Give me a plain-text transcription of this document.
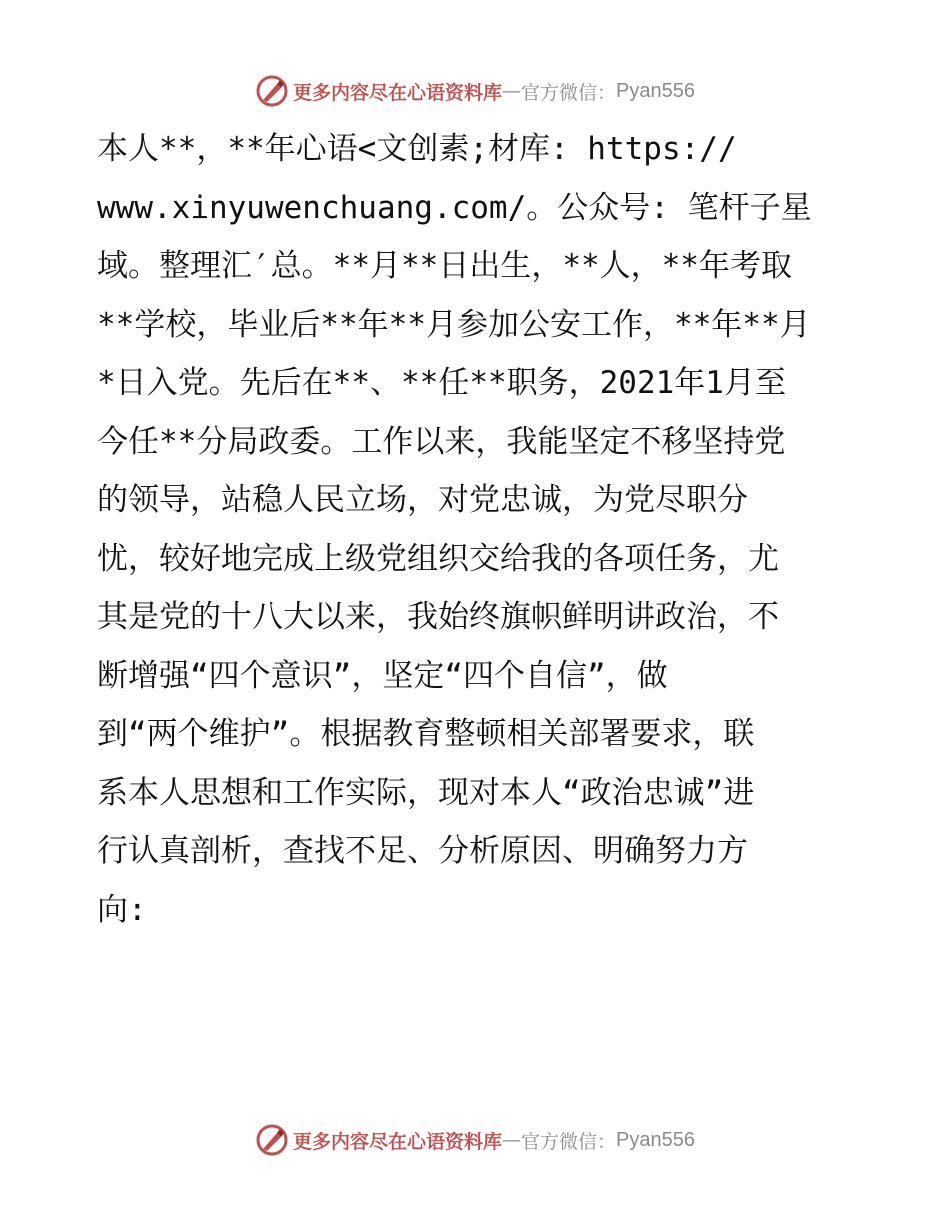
更多内容尽在心语资料库 — 官方微信： Pyan556
本人**，**年心语<文创素;材库: https://
www.xinyuwenchuang.com/。公众号: 笔杆子星
域。整理汇′总。**月**日出生，**人，**年考取
**学校，毕业后**年**月参加公安工作，**年**月
*日入党。先后在**、**任**职务，2021年1月至
今任**分局政委。工作以来，我能坚定不移坚持党
的领导，站稳人民立场，对党忠诚，为党尽职分
忧，较好地完成上级党组织交给我的各项任务，尤
其是党的十八大以来，我始终旗帜鲜明讲政治，不
断增强“四个意识”，坚定“四个自信”，做
到“两个维护”。根据教育整顿相关部署要求，联
系本人思想和工作实际，现对本人“政治忠诚”进
行认真剖析，查找不足、分析原因、明确努力方
向:
更多内容尽在心语资料库 — 官方微信： Pyan556
